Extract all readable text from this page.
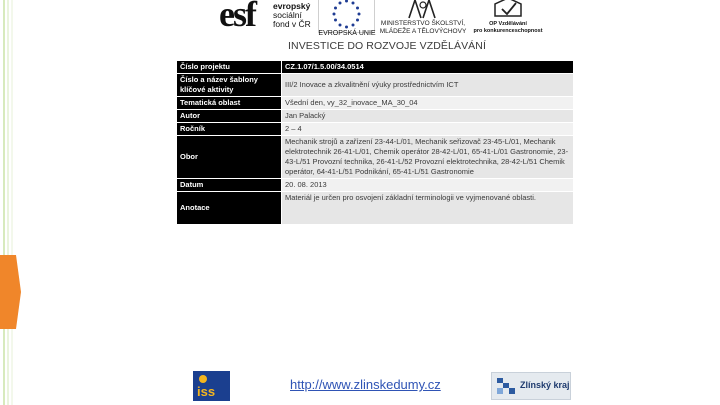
esf evropský
sociální
fond v ČR
EVROPSKÁ UNIE
MINISTERSTVO ŠKOLSTVÍ,
MLÁDEŽE A TĚLOVÝCHOVY
OP Vzdělávání
pro konkurenceschopnost
INVESTICE DO ROZVOJE VZDĚLÁVÁNÍ
Číslo projektu	CZ.1.07/1.5.00/34.0514
Číslo a název šablony klíčové aktivity	III/2 Inovace a zkvalitnění výuky prostřednictvím ICT
Tematická oblast	Všední den, vy_32_inovace_MA_30_04
Autor	Jan Palacký
Ročník	2 – 4
Obor	Mechanik strojů a zařízení 23-44-L/01, Mechanik seřizovač 23-45-L/01, Mechanik elektrotechnik 26-41-L/01, Chemik operátor 28-42-L/01, 65-41-L/01 Gastronomie, 23-43-L/51 Provozní technika, 26-41-L/52 Provozní elektrotechnika, 28-42-L/51 Chemik operátor, 64-41-L/51 Podnikání, 65-41-L/51 Gastronomie
Datum	20. 08. 2013
Anotace	Materiál je určen pro osvojení základní terminologii ve vyjmenované oblasti.
iss	http://www.zlinskedumy.cz	Zlínský kraj
